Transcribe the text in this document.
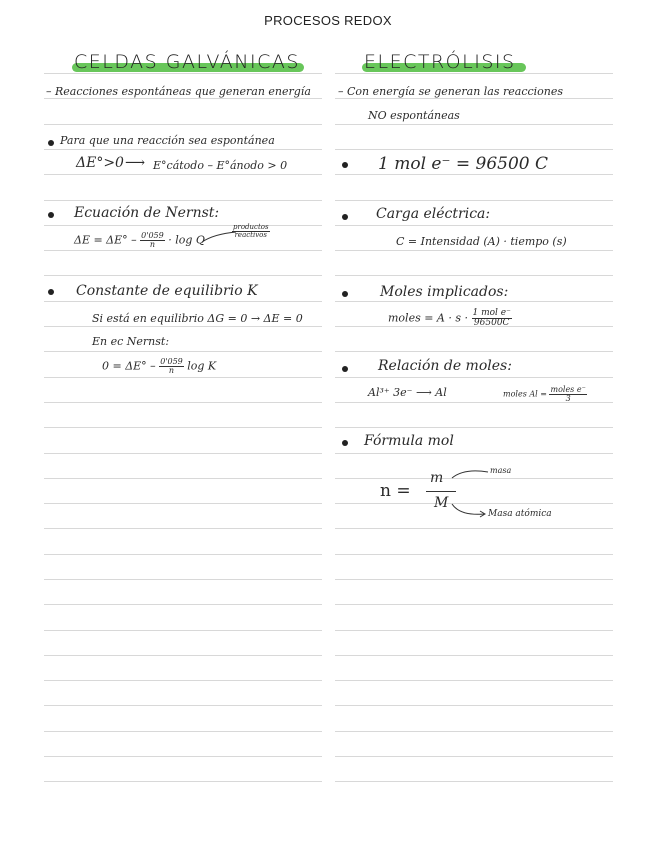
PROCESOS REDOX
CELDAS GALVÁNICAS
– Reacciones espontáneas que generan energía
Para que una reacción sea espontánea
ΔE°>0 ⟶ E°cátodo – E°ánodo > 0
Ecuación de Nernst:
$\Delta E = \Delta E^\circ - \frac{0'059}{n} \cdot \log Q$
productos
reactivos
Constante de equilibrio K
Si está en equilibrio ΔG = 0 → ΔE = 0
En ec Nernst:
$0 = \Delta E^\circ - \frac{0'059}{n}$ log K
ELECTRÓLISIS
– Con energía se generan las reacciones
NO espontáneas
1 mol e⁻ = 96500 C
Carga eléctrica:
C = Intensidad (A) · tiempo (s)
Moles implicados:
moles = $A \cdot s \cdot \frac{\text{1 mol e⁻}}{96500C}$
Relación de moles:
Al³⁺ 3e⁻ ⟶ Al	moles $Al = \frac{\text{moles e⁻}}{3}$
Fórmula mol
n =
m
M
masa
Masa atómica
